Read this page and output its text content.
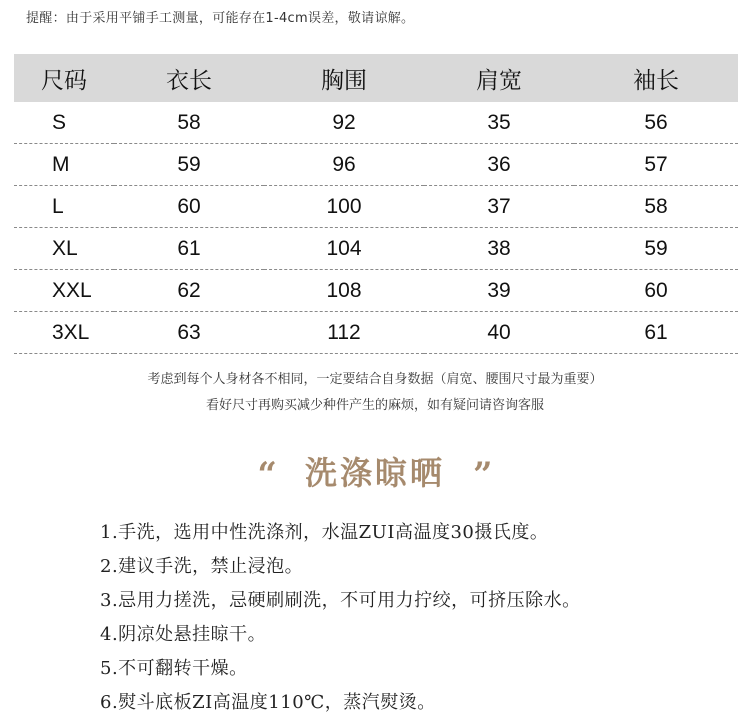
提醒：由于采用平铺手工测量，可能存在1-4cm误差，敬请谅解。
尺码	衣长	胸围	肩宽	袖长
S	58	92	35	56
M	59	96	36	57
L	60	100	37	58
XL	61	104	38	59
XXL	62	108	39	60
3XL	63	112	40	61
考虑到每个人身材各不相同，一定要结合自身数据（肩宽、腰围尺寸最为重要）
看好尺寸再购买减少种件产生的麻烦，如有疑问请咨询客服
“ 洗涤晾晒 ”
1.手洗，选用中性洗涤剂，水温ZUI高温度30摄氏度。
2.建议手洗，禁止浸泡。
3.忌用力搓洗，忌硬刷刷洗，不可用力拧绞，可挤压除水。
4.阴凉处悬挂晾干。
5.不可翻转干燥。
6.熨斗底板ZI高温度110℃，蒸汽熨烫。
